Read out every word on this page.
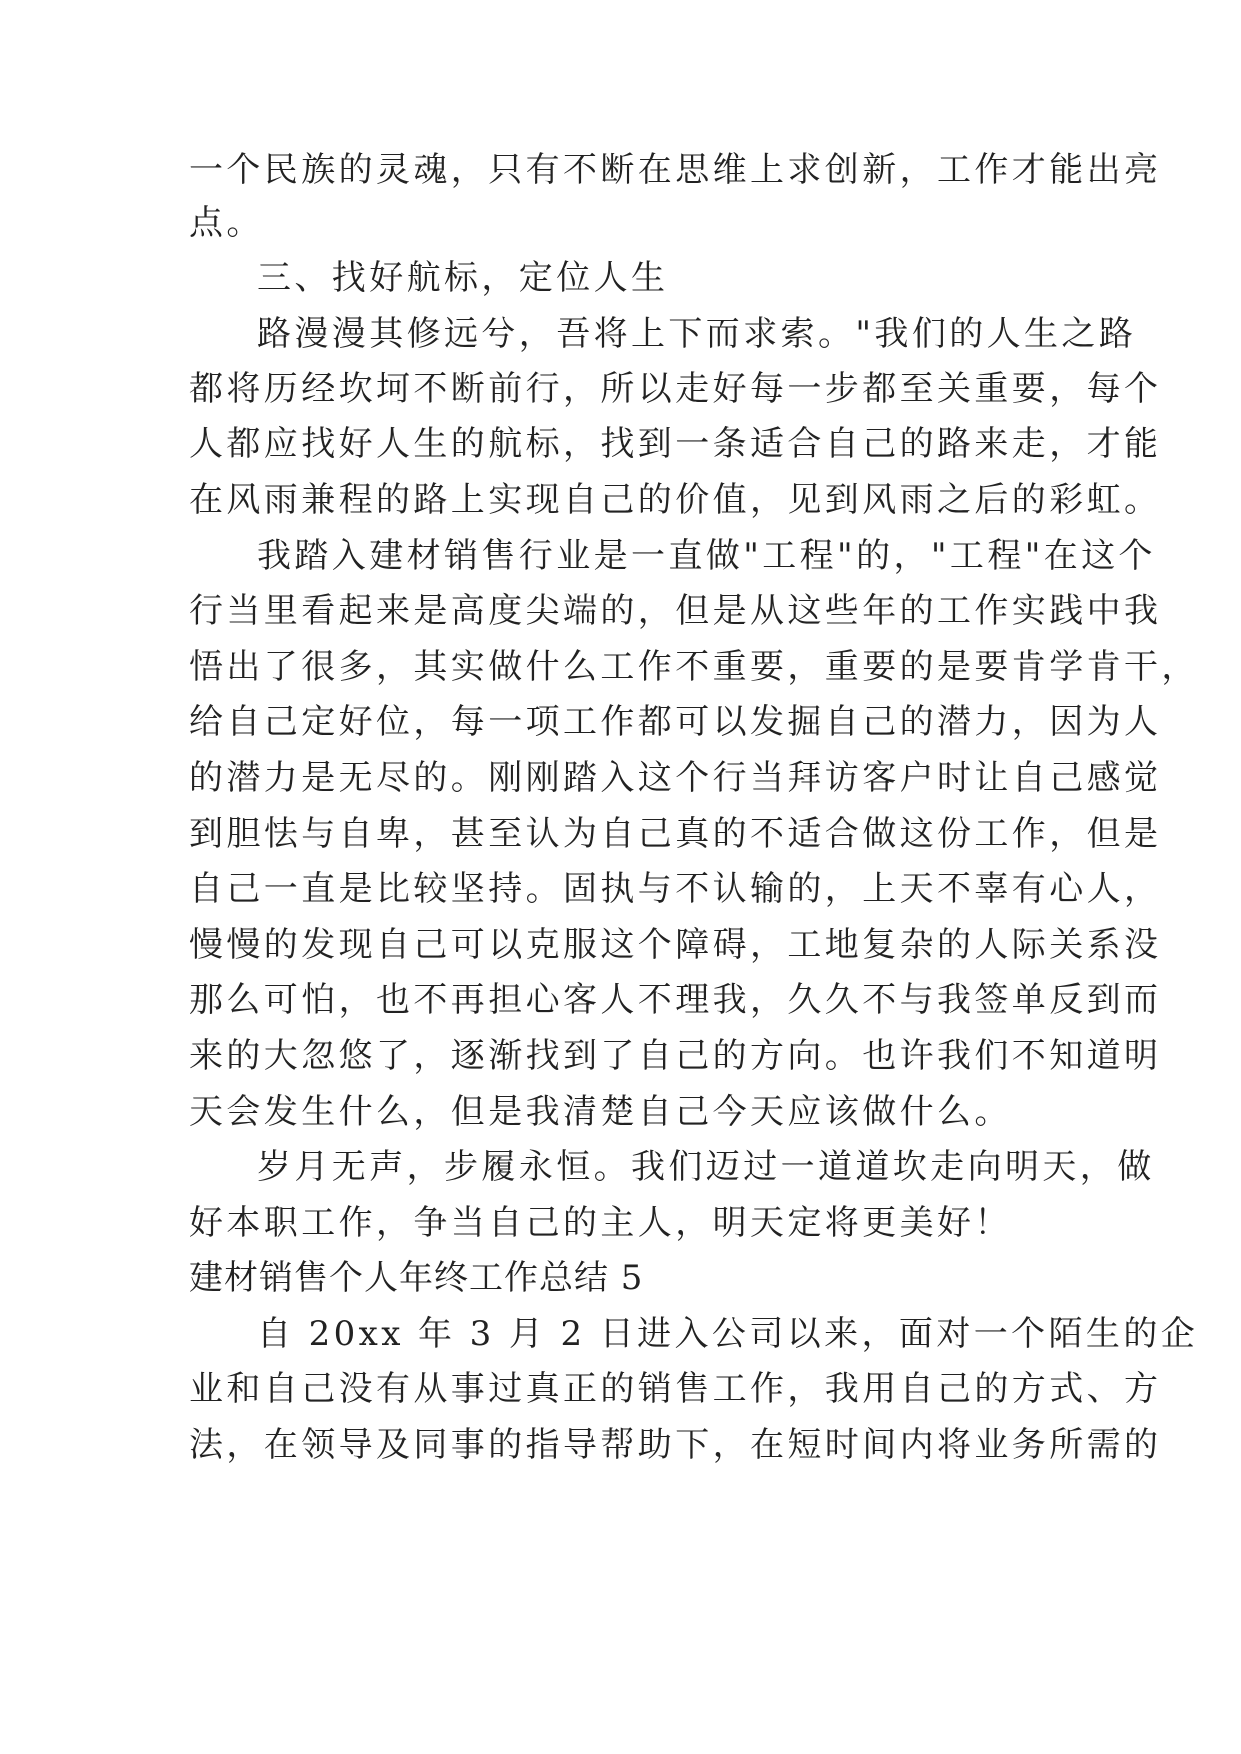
一个民族的灵魂，只有不断在思维上求创新，工作才能出亮
点。
三、找好航标，定位人生
路漫漫其修远兮，吾将上下而求索。"我们的人生之路
都将历经坎坷不断前行，所以走好每一步都至关重要，每个
人都应找好人生的航标，找到一条适合自己的路来走，才能
在风雨兼程的路上实现自己的价值，见到风雨之后的彩虹。
我踏入建材销售行业是一直做"工程"的，"工程"在这个
行当里看起来是高度尖端的，但是从这些年的工作实践中我
悟出了很多，其实做什么工作不重要，重要的是要肯学肯干，
给自己定好位，每一项工作都可以发掘自己的潜力，因为人
的潜力是无尽的。刚刚踏入这个行当拜访客户时让自己感觉
到胆怯与自卑，甚至认为自己真的不适合做这份工作，但是
自己一直是比较坚持。固执与不认输的，上天不辜有心人，
慢慢的发现自己可以克服这个障碍，工地复杂的人际关系没
那么可怕，也不再担心客人不理我，久久不与我签单反到而
来的大忽悠了，逐渐找到了自己的方向。也许我们不知道明
天会发生什么，但是我清楚自己今天应该做什么。
岁月无声，步履永恒。我们迈过一道道坎走向明天，做
好本职工作，争当自己的主人，明天定将更美好！
建材销售个人年终工作总结 5
自 20xx 年 3 月 2 日进入公司以来，面对一个陌生的企
业和自己没有从事过真正的销售工作，我用自己的方式、方
法，在领导及同事的指导帮助下，在短时间内将业务所需的
